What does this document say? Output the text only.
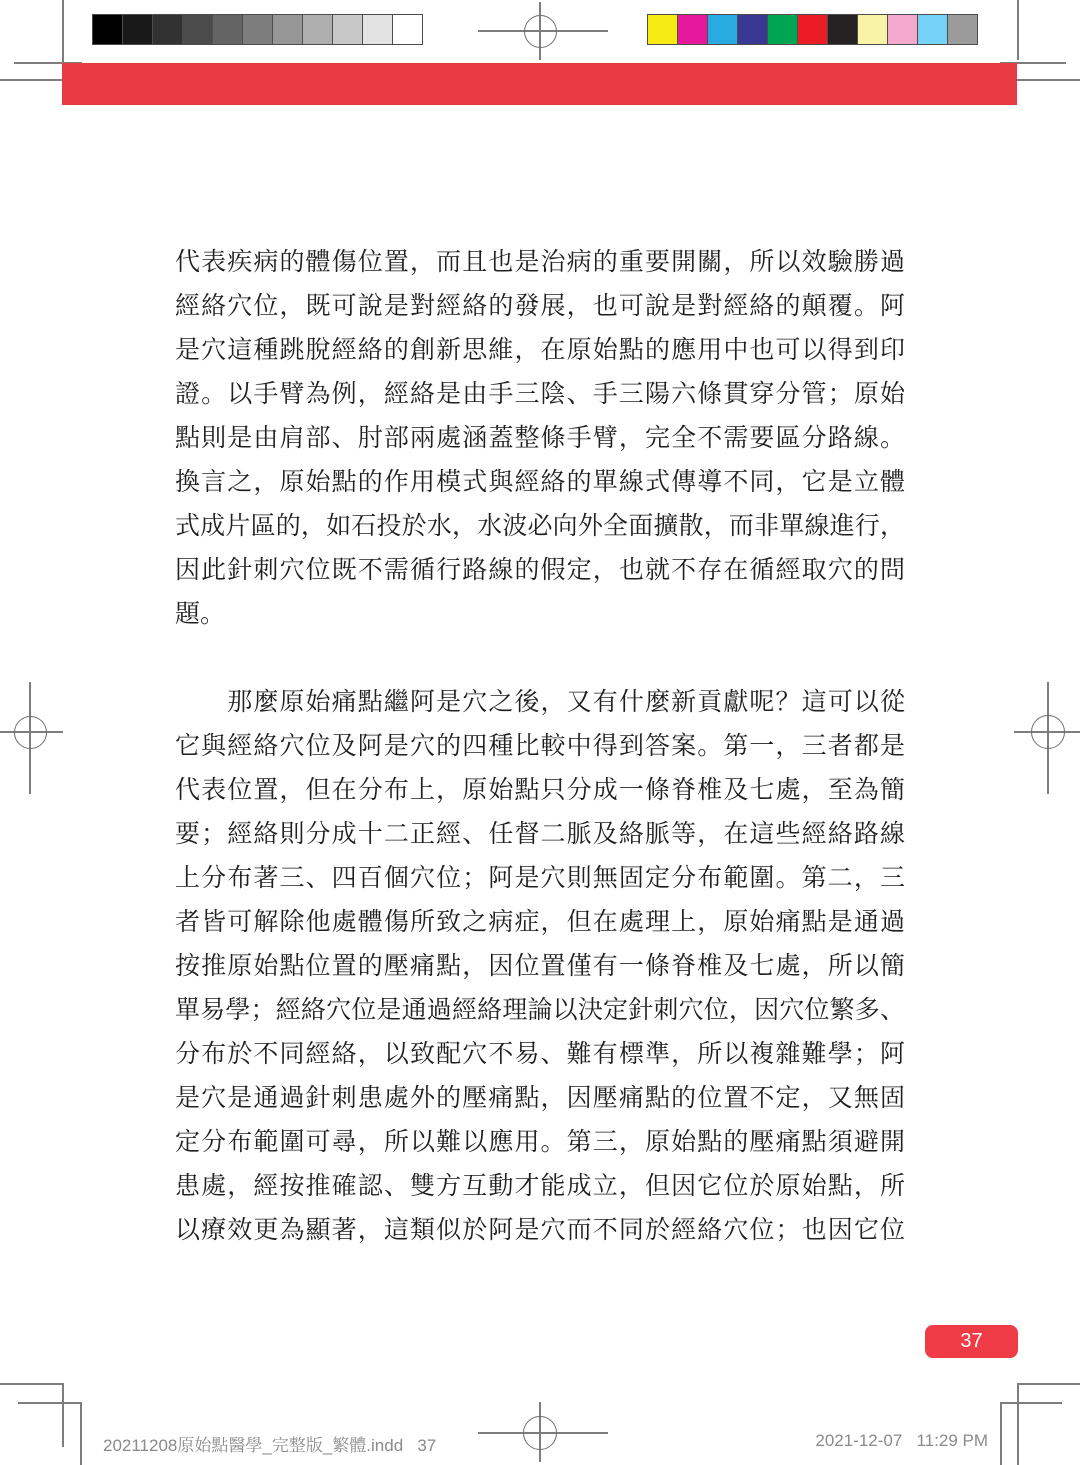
代表疾病的體傷位置，而且也是治病的重要開關，所以效驗勝過
經絡穴位，既可說是對經絡的發展，也可說是對經絡的顛覆。阿
是穴這種跳脫經絡的創新思維，在原始點的應用中也可以得到印
證。以手臂為例，經絡是由手三陰、手三陽六條貫穿分管；原始
點則是由肩部、肘部兩處涵蓋整條手臂，完全不需要區分路線。
換言之，原始點的作用模式與經絡的單線式傳導不同，它是立體
式成片區的，如石投於水，水波必向外全面擴散，而非單線進行，
因此針刺穴位既不需循行路線的假定，也就不存在循經取穴的問
題。
　　那麼原始痛點繼阿是穴之後，又有什麼新貢獻呢？這可以從
它與經絡穴位及阿是穴的四種比較中得到答案。第一，三者都是
代表位置，但在分布上，原始點只分成一條脊椎及七處，至為簡
要；經絡則分成十二正經、任督二脈及絡脈等，在這些經絡路線
上分布著三、四百個穴位；阿是穴則無固定分布範圍。第二，三
者皆可解除他處體傷所致之病症，但在處理上，原始痛點是通過
按推原始點位置的壓痛點，因位置僅有一條脊椎及七處，所以簡
單易學；經絡穴位是通過經絡理論以決定針刺穴位，因穴位繁多、
分布於不同經絡，以致配穴不易、難有標準，所以複雜難學；阿
是穴是通過針刺患處外的壓痛點，因壓痛點的位置不定，又無固
定分布範圍可尋，所以難以應用。第三，原始點的壓痛點須避開
患處，經按推確認、雙方互動才能成立，但因它位於原始點，所
以療效更為顯著，這類似於阿是穴而不同於經絡穴位；也因它位
37
20211208原始點醫學_完整版_繁體.indd   37	2021-12-07   11:29 PM
